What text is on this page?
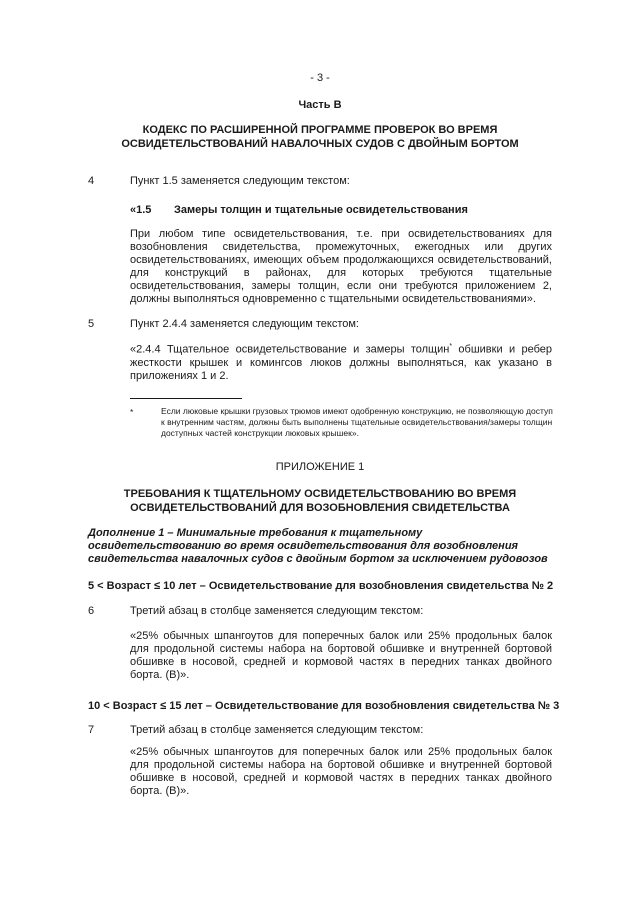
- 3 -
Часть B
КОДЕКС ПО РАСШИРЕННОЙ ПРОГРАММЕ ПРОВЕРОК ВО ВРЕМЯ
ОСВИДЕТЕЛЬСТВОВАНИЙ НАВАЛОЧНЫХ СУДОВ С ДВОЙНЫМ БОРТОМ
4	Пункт 1.5 заменяется следующим текстом:
«1.5 Замеры толщин и тщательные освидетельствования
При любом типе освидетельствования, т.е. при освидетельствованиях для возобновления свидетельства, промежуточных, ежегодных или других освидетельствованиях, имеющих объем продолжающихся освидетельствований, для конструкций в районах, для которых требуются тщательные освидетельствования, замеры толщин, если они требуются приложением 2, должны выполняться одновременно с тщательными освидетельствованиями».
5	Пункт 2.4.4 заменяется следующим текстом:
«2.4.4 Тщательное освидетельствование и замеры толщин* обшивки и ребер жесткости крышек и комингсов люков должны выполняться, как указано в приложениях 1 и 2.
*	Если люковые крышки грузовых трюмов имеют одобренную конструкцию, не позволяющую доступ к внутренним частям, должны быть выполнены тщательные освидетельствования/замеры толщин доступных частей конструкции люковых крышек».
ПРИЛОЖЕНИЕ 1
ТРЕБОВАНИЯ К ТЩАТЕЛЬНОМУ ОСВИДЕТЕЛЬСТВОВАНИЮ ВО ВРЕМЯ
ОСВИДЕТЕЛЬСТВОВАНИЙ ДЛЯ ВОЗОБНОВЛЕНИЯ СВИДЕТЕЛЬСТВА
Дополнение 1 – Минимальные требования к тщательному освидетельствованию во время освидетельствования для возобновления свидетельства навалочных судов с двойным бортом за исключением рудовозов
5 < Возраст ≤ 10 лет – Освидетельствование для возобновления свидетельства № 2
6	Третий абзац в столбце заменяется следующим текстом:
«25% обычных шпангоутов для поперечных балок или 25% продольных балок для продольной системы набора на бортовой обшивке и внутренней бортовой обшивке в носовой, средней и кормовой частях в передних танках двойного борта. (B)».
10 < Возраст ≤ 15 лет – Освидетельствование для возобновления свидетельства № 3
7	Третий абзац в столбце заменяется следующим текстом:
«25% обычных шпангоутов для поперечных балок или 25% продольных балок для продольной системы набора на бортовой обшивке и внутренней бортовой обшивке в носовой, средней и кормовой частях в передних танках двойного борта. (B)».
